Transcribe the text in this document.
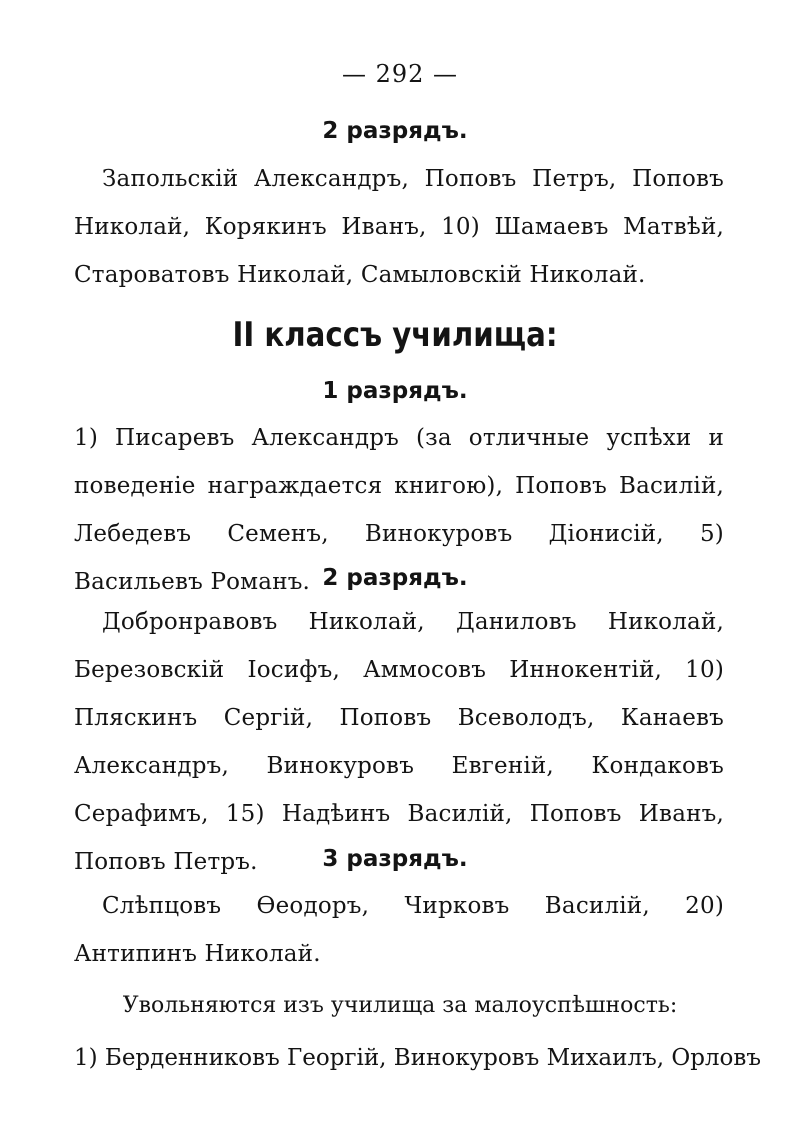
— 292 —
2 разрядъ.

Запольскій Александръ, Поповъ Петръ, Поповъ Николай, Корякинъ Иванъ, 10) Шамаевъ Матвѣй, Староватовъ Николай, Самыловскій Николай.

II классъ училища:
1 разрядъ.

1) Писаревъ Александръ (за отличные успѣхи и поведеніе награждается книгою), Поповъ Василій, Лебедевъ Семенъ, Винокуровъ Діонисій, 5) Васильевъ Романъ. 2 разрядъ.

Добронравовъ Николай, Даниловъ Николай, Березовскій Іосифъ, Аммосовъ Иннокентій, 10) Пляскинъ Сергій, Поповъ Всеволодъ, Канаевъ Александръ, Винокуровъ Евгеній, Кондаковъ Серафимъ, 15) Надѣинъ Василій, Поповъ Иванъ, Поповъ Петръ.	3 разрядъ.

Слѣпцовъ Ѳеодоръ, Чирковъ Василій, 20) Антипинъ Николай.

Увольняются изъ училища за малоуспѣшность:
1) Берденниковъ Георгій, Винокуровъ Михаилъ, Орловъ
